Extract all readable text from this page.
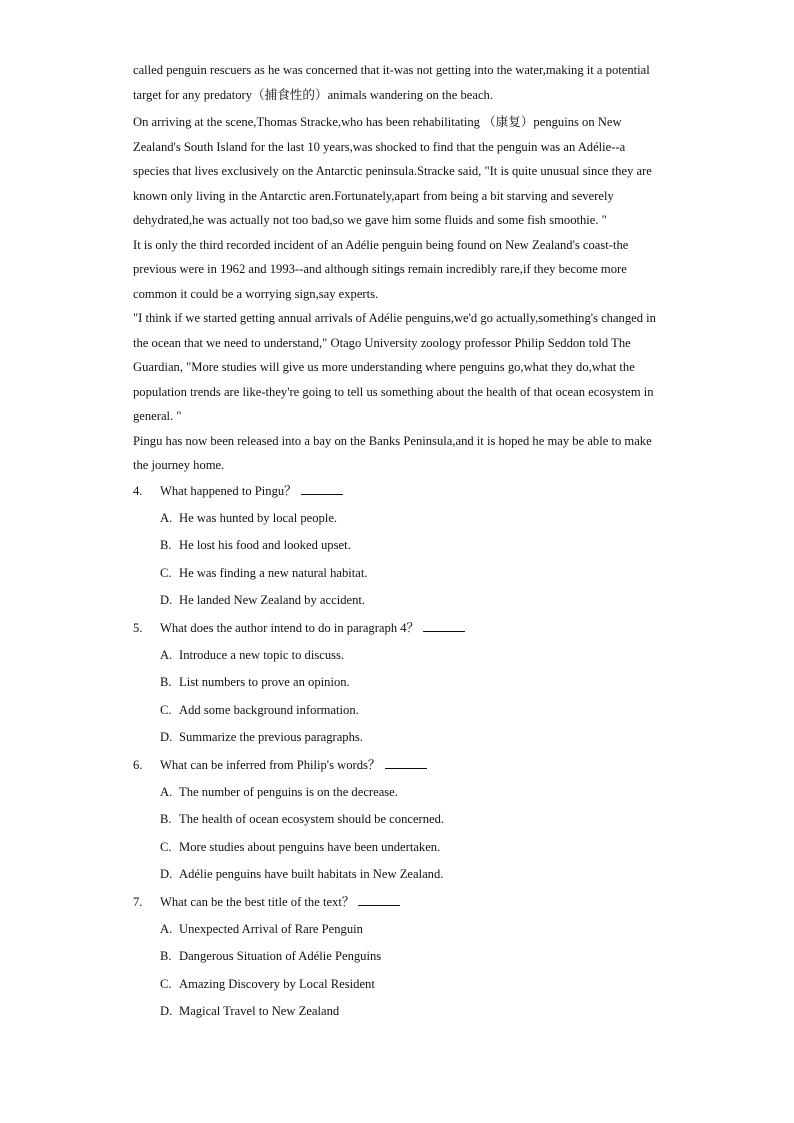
called penguin rescuers as he was concerned that it-was not getting into the water,making it a potential target for any predatory（捕食性的）animals wandering on the beach.

On arriving at the scene,Thomas Stracke,who has been rehabilitating （康复）penguins on New Zealand's South Island for the last 10 years,was shocked to find that the penguin was an Adélie--a species that lives exclusively on the Antarctic peninsula.Stracke said, "It is quite unusual since they are known only living in the Antarctic aren.Fortunately,apart from being a bit starving and severely dehydrated,he was actually not too bad,so we gave him some fluids and some fish smoothie. "

It is only the third recorded incident of an Adélie penguin being found on New Zealand's coast-the previous were in 1962 and 1993--and although sitings remain incredibly rare,if they become more common it could be a worrying sign,say experts.

"I think if we started getting annual arrivals of Adélie penguins,we'd go actually,something's changed in the ocean that we need to understand," Otago University zoology professor Philip Seddon told The Guardian, "More studies will give us more understanding where penguins go,what they do,what the population trends are like-they're going to tell us something about the health of that ocean ecosystem in general. "

Pingu has now been released into a bay on the Banks Peninsula,and it is hoped he may be able to make the journey home.

4. What happened to Pingu？
A. He was hunted by local people.
B. He lost his food and looked upset.
C. He was finding a new natural habitat.
D. He landed New Zealand by accident.
5. What does the author intend to do in paragraph 4？
A. Introduce a new topic to discuss.
B. List numbers to prove an opinion.
C. Add some background information.
D. Summarize the previous paragraphs.
6. What can be inferred from Philip's words？
A. The number of penguins is on the decrease.
B. The health of ocean ecosystem should be concerned.
C. More studies about penguins have been undertaken.
D. Adélie penguins have built habitats in New Zealand.
7. What can be the best title of the text？
A. Unexpected Arrival of Rare Penguin
B. Dangerous Situation of Adélie Penguins
C. Amazing Discovery by Local Resident
D. Magical Travel to New Zealand
